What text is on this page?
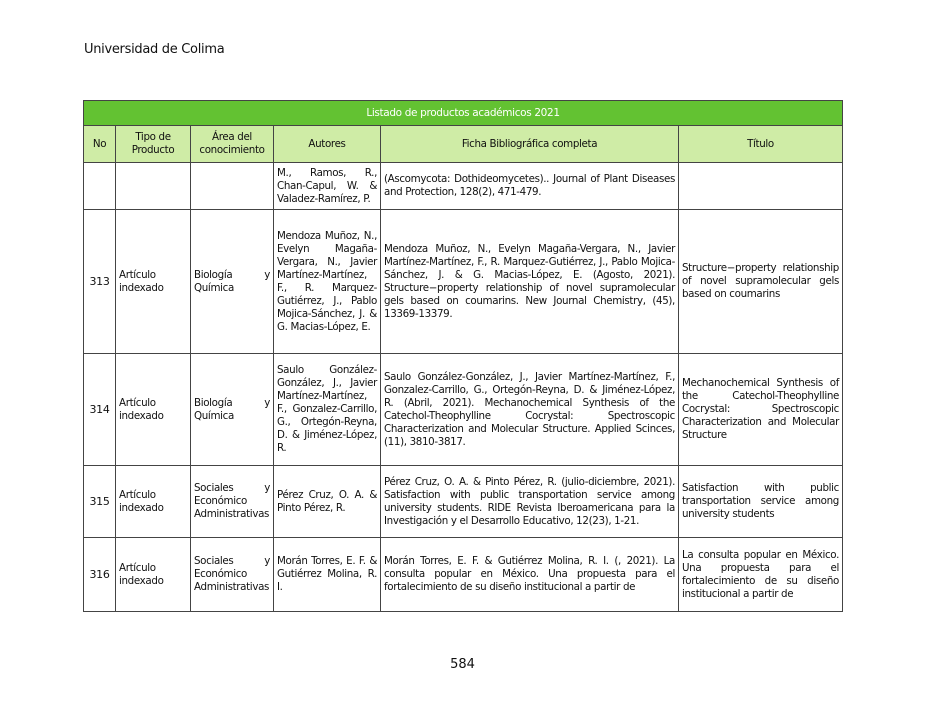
Universidad de Colima
Listado de productos académicos 2021					
No	Tipo de Producto	Área del conocimiento	Autores	Ficha Bibliográfica completa	Título
			M., Ramos, R., Chan-Capul, W. & Valadez-Ramírez, P.	(Ascomycota: Dothideomycetes).. Journal of Plant Diseases and Protection, 128(2), 471-479.	
313	Artículo indexado	Biología y Química	Mendoza Muñoz, N., Evelyn Magaña-Vergara, N., Javier Martínez-Martínez, F., R. Marquez-Gutiérrez, J., Pablo Mojica-Sánchez, J. & G. Macias-López, E.	Mendoza Muñoz, N., Evelyn Magaña-Vergara, N., Javier Martínez-Martínez, F., R. Marquez-Gutiérrez, J., Pablo Mojica-Sánchez, J. & G. Macias-López, E. (Agosto, 2021). Structure−property relationship of novel supramolecular gels based on coumarins. New Journal Chemistry, (45), 13369-13379.	Structure−property relationship of novel supramolecular gels based on coumarins
314	Artículo indexado	Biología y Química	Saulo González-González, J., Javier Martínez-Martínez, F., Gonzalez-Carrillo, G., Ortegón-Reyna, D. & Jiménez-López, R.	Saulo González-González, J., Javier Martínez-Martínez, F., Gonzalez-Carrillo, G., Ortegón-Reyna, D. & Jiménez-López, R. (Abril, 2021). Mechanochemical Synthesis of the Catechol-Theophylline Cocrystal: Spectroscopic Characterization and Molecular Structure. Applied Scinces, (11), 3810-3817.	Mechanochemical Synthesis of the Catechol-Theophylline Cocrystal: Spectroscopic Characterization and Molecular Structure
315	Artículo indexado	Sociales y Económico Administrativas	Pérez Cruz, O. A. & Pinto Pérez, R.	Pérez Cruz, O. A. & Pinto Pérez, R. (julio-diciembre, 2021). Satisfaction with public transportation service among university students. RIDE Revista Iberoamericana para la Investigación y el Desarrollo Educativo, 12(23), 1-21.	Satisfaction with public transportation service among university students
316	Artículo indexado	Sociales y Económico Administrativas	Morán Torres, E. F. & Gutiérrez Molina, R. I.	Morán Torres, E. F. & Gutiérrez Molina, R. I. (, 2021). La consulta popular en México. Una propuesta para el fortalecimiento de su diseño institucional a partir de	La consulta popular en México. Una propuesta para el fortalecimiento de su diseño institucional a partir de
584
